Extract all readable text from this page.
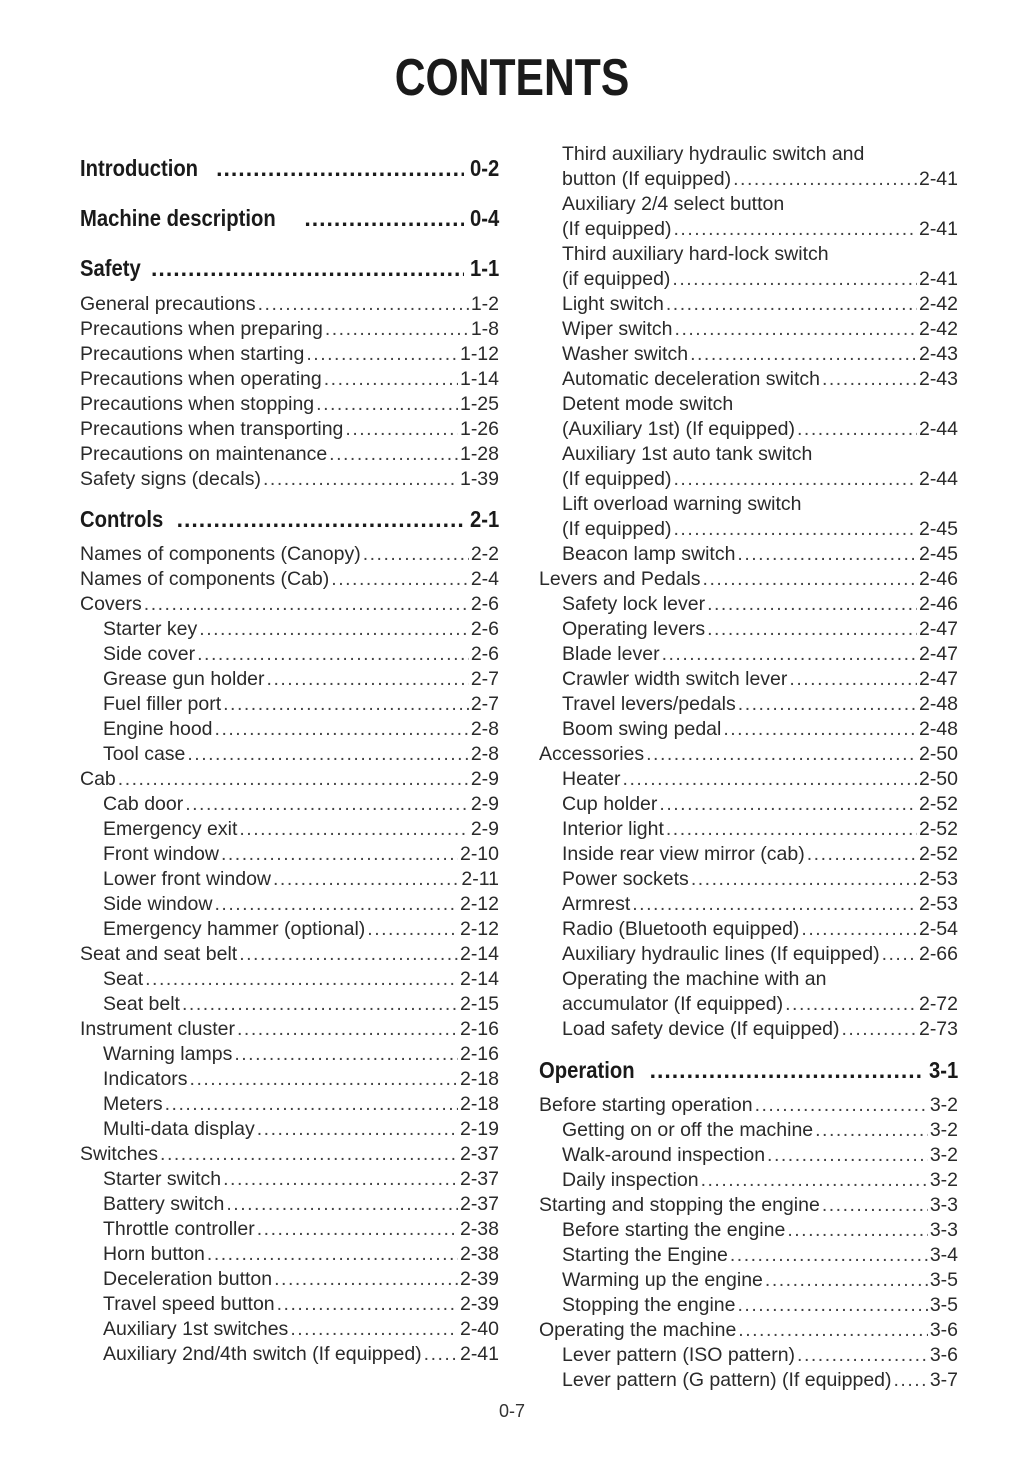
CONTENTS
Introduction .....	0-2
Machine description .....	0-4
Safety .....	1-1
General precautions .....	1-2
Precautions when preparing .....	1-8
Precautions when starting .....	1-12
Precautions when operating .....	1-14
Precautions when stopping .....	1-25
Precautions when transporting .....	1-26
Precautions on maintenance .....	1-28
Safety signs (decals) .....	1-39
Controls .....	2-1
Names of components (Canopy) .....	2-2
Names of components (Cab) .....	2-4
Covers .....	2-6
Starter key .....	2-6
Side cover .....	2-6
Grease gun holder .....	2-7
Fuel filler port .....	2-7
Engine hood .....	2-8
Tool case .....	2-8
Cab .....	2-9
Cab door .....	2-9
Emergency exit .....	2-9
Front window .....	2-10
Lower front window .....	2-11
Side window .....	2-12
Emergency hammer (optional) .....	2-12
Seat and seat belt .....	2-14
Seat .....	2-14
Seat belt .....	2-15
Instrument cluster .....	2-16
Warning lamps .....	2-16
Indicators .....	2-18
Meters .....	2-18
Multi-data display .....	2-19
Switches .....	2-37
Starter switch .....	2-37
Battery switch .....	2-37
Throttle controller .....	2-38
Horn button .....	2-38
Deceleration button .....	2-39
Travel speed button .....	2-39
Auxiliary 1st switches .....	2-40
Auxiliary 2nd/4th switch (If equipped) ..... 2-41
Third auxiliary hydraulic switch and
button (If equipped) .....	2-41
Auxiliary 2/4 select button
(If equipped) .....	2-41
Third auxiliary hard-lock switch
(if equipped) .....	2-41
Light switch .....	2-42
Wiper switch .....	2-42
Washer switch .....	2-43
Automatic deceleration switch .....	2-43
Detent mode switch
(Auxiliary 1st) (If equipped) .....	2-44
Auxiliary 1st auto tank switch
(If equipped) .....	2-44
Lift overload warning switch
(If equipped) .....	2-45
Beacon lamp switch .....	2-45
Levers and Pedals .....	2-46
Safety lock lever .....	2-46
Operating levers .....	2-47
Blade lever .....	2-47
Crawler width switch lever .....	2-47
Travel levers/pedals .....	2-48
Boom swing pedal .....	2-48
Accessories .....	2-50
Heater .....	2-50
Cup holder .....	2-52
Interior light .....	2-52
Inside rear view mirror (cab) .....	2-52
Power sockets .....	2-53
Armrest .....	2-53
Radio (Bluetooth equipped) .....	2-54
Auxiliary hydraulic lines (If equipped) ..... 2-66
Operating the machine with an
accumulator (If equipped) .....	2-72
Load safety device (If equipped) .....	2-73
Operation .....	3-1
Before starting operation .....	3-2
Getting on or off the machine .....	3-2
Walk-around inspection .....	3-2
Daily inspection .....	3-2
Starting and stopping the engine .....	3-3
Before starting the engine .....	3-3
Starting the Engine .....	3-4
Warming up the engine .....	3-5
Stopping the engine .....	3-5
Operating the machine .....	3-6
Lever pattern (ISO pattern) .....	3-6
Lever pattern (G pattern) (If equipped) ..... 3-7
0-7
